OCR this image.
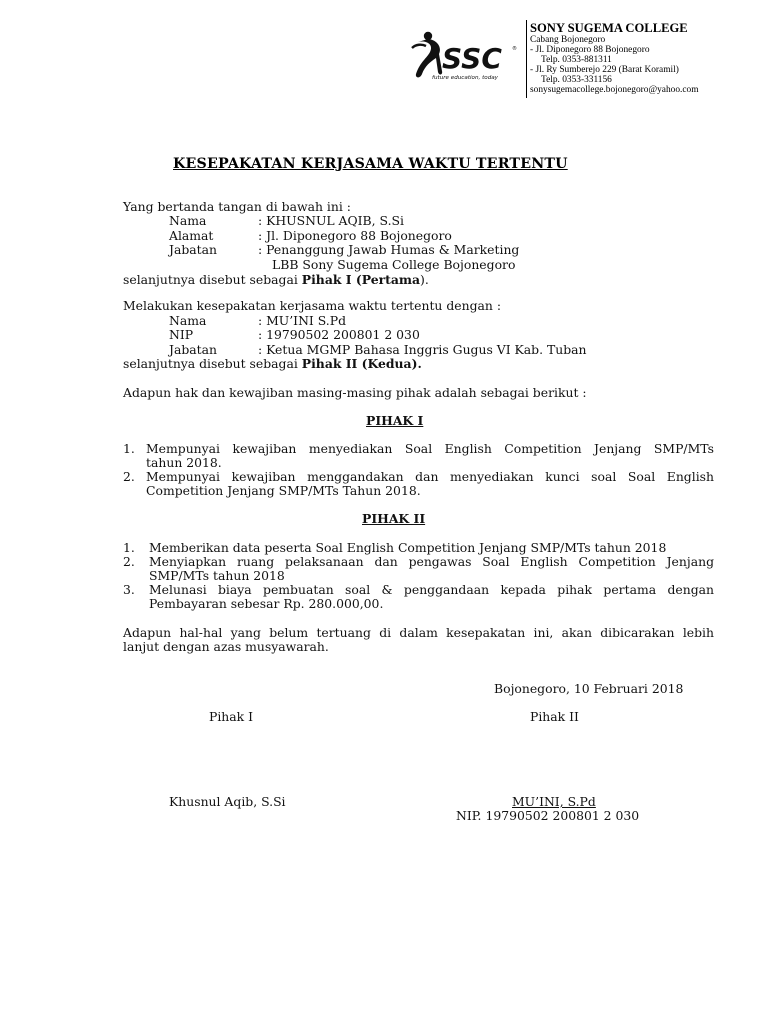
SSC ®
future education, today
SONY SUGEMA COLLEGE
Cabang Bojonegoro
- Jl. Diponegoro 88 Bojonegoro
Telp. 0353-881311
- Jl. Ry Sumberejo 229 (Barat Koramil)
Telp. 0353-331156
sonysugemacollege.bojonegoro@yahoo.com
KESEPAKATAN KERJASAMA WAKTU TERTENTU
Yang bertanda tangan di bawah ini :
Nama	: KHUSNUL AQIB, S.Si
Alamat	: Jl. Diponegoro 88 Bojonegoro
Jabatan	: Penanggung Jawab Humas & Marketing
LBB Sony Sugema College Bojonegoro
selanjutnya disebut sebagai Pihak I (Pertama).
Melakukan kesepakatan kerjasama waktu tertentu dengan :
Nama	: MU’INI S.Pd
NIP	: 19790502 200801 2 030
Jabatan	: Ketua MGMP Bahasa Inggris Gugus VI Kab. Tuban
selanjutnya disebut sebagai Pihak II (Kedua).
Adapun hak dan kewajiban masing-masing pihak adalah sebagai berikut :
PIHAK I
1. Mempunyai kewajiban menyediakan Soal English Competition Jenjang SMP/MTs
tahun 2018.
2. Mempunyai kewajiban menggandakan dan menyediakan kunci soal Soal English
Competition Jenjang SMP/MTs Tahun 2018.
PIHAK II
1. Memberikan data peserta Soal English Competition Jenjang SMP/MTs tahun 2018
2. Menyiapkan ruang pelaksanaan dan pengawas Soal English Competition Jenjang
SMP/MTs tahun 2018
3. Melunasi biaya pembuatan soal & penggandaan kepada pihak pertama dengan
Pembayaran sebesar Rp. 280.000,00.
Adapun hal-hal yang belum tertuang di dalam kesepakatan ini, akan dibicarakan lebih
lanjut dengan azas musyawarah.
Bojonegoro, 10 Februari 2018
Pihak I	Pihak II
Khusnul Aqib, S.Si	MU’INI, S.Pd
NIP. 19790502 200801 2 030
